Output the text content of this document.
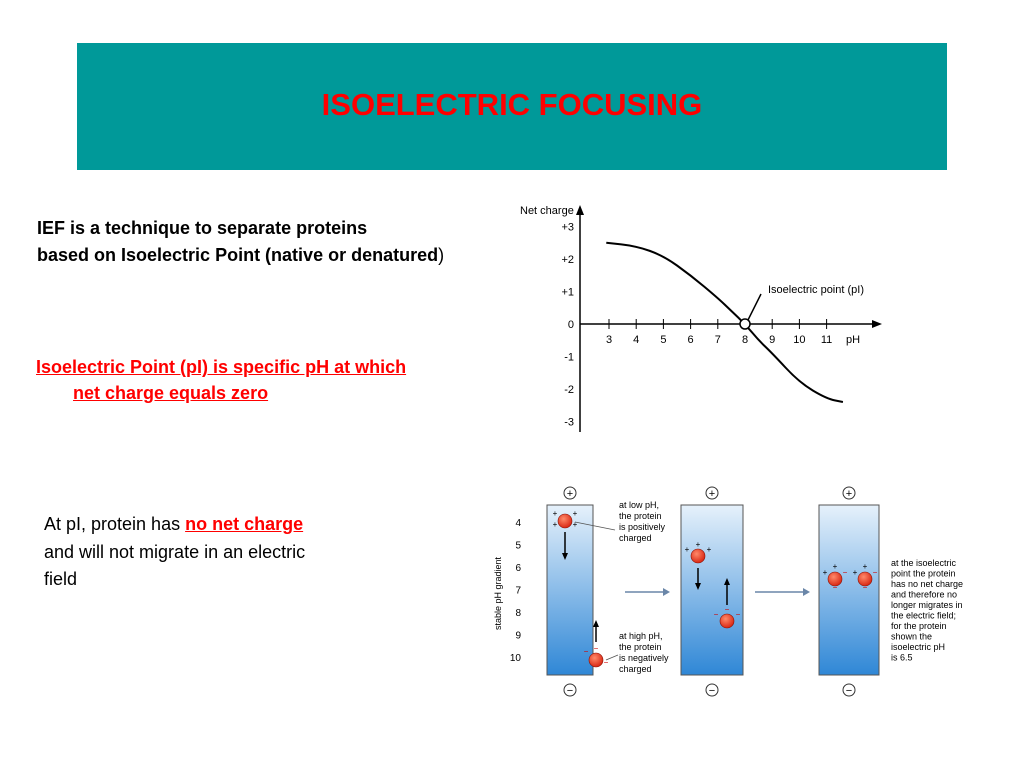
ISOELECTRIC FOCUSING
IEF is a technique to separate proteins
based on Isoelectric Point (native or denatured)
Isoelectric Point (pI) is specific pH at which
net charge equals zero
At pI, protein has no net charge
and will not migrate in an electric
field
Net charge
+3
+2
+1
0
-1
-2
-3
3 4 5 6 7 8 9 10 11 pH
Isoelectric point (pI)
stable pH gradient
4
5
6
7
8
9
10
+
−
+
−
+
−
+ +
+ +
−
−
−
+ +
+
− −
−
+ −
+
−
+ −
+
−
at low pH,
the protein
is positively
charged
at high pH,
the protein
is negatively
charged
at the isoelectric
point the protein
has no net charge
and therefore no
longer migrates in
the electric field;
for the protein
shown the
isoelectric pH
is 6.5
